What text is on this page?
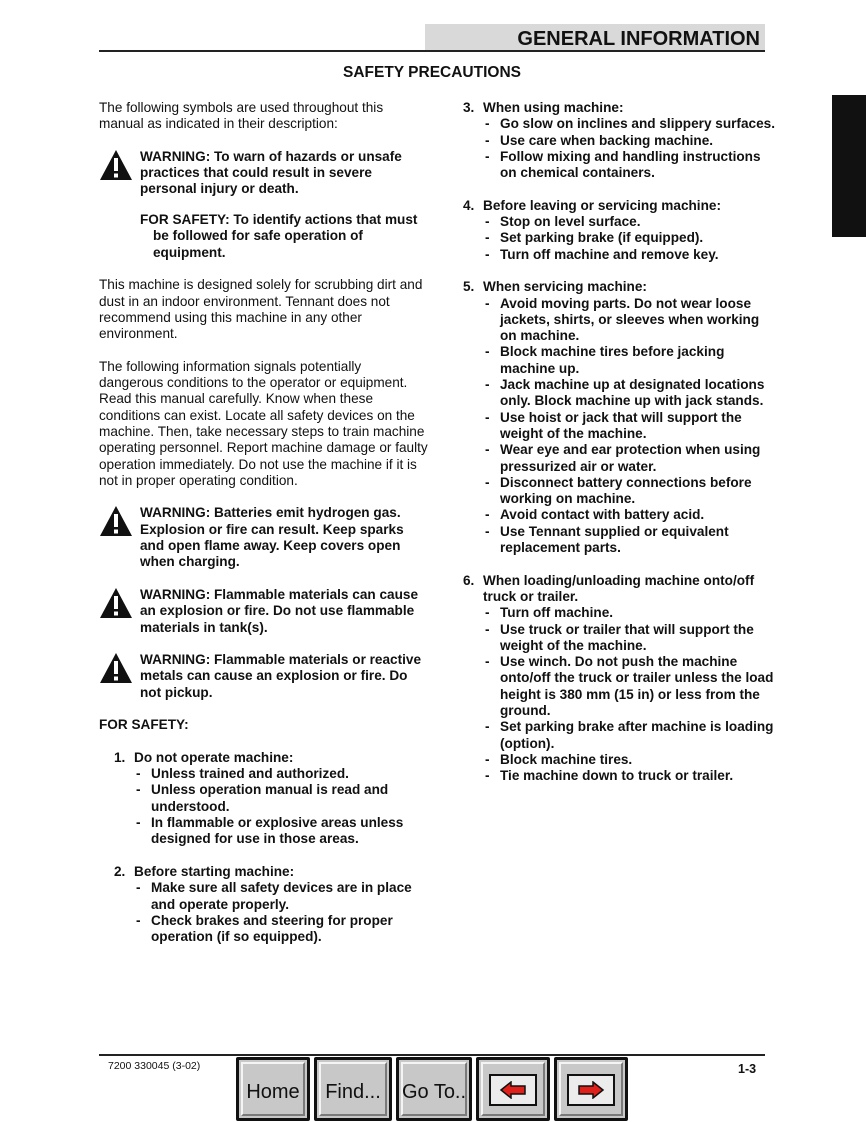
GENERAL INFORMATION
SAFETY PRECAUTIONS

The following symbols are used throughout this manual as indicated in their description:

WARNING: To warn of hazards or unsafe practices that could result in severe personal injury or death.
FOR SAFETY: To identify actions that must be followed for safe operation of equipment.

This machine is designed solely for scrubbing dirt and dust in an indoor environment. Tennant does not recommend using this machine in any other environment.

The following information signals potentially dangerous conditions to the operator or equipment. Read this manual carefully. Know when these conditions can exist. Locate all safety devices on the machine. Then, take necessary steps to train machine operating personnel. Report machine damage or faulty operation immediately. Do not use the machine if it is not in proper operating condition.

WARNING: Batteries emit hydrogen gas. Explosion or fire can result. Keep sparks and open flame away. Keep covers open when charging.
WARNING: Flammable materials can cause an explosion or fire. Do not use flammable materials in tank(s).
WARNING: Flammable materials or reactive metals can cause an explosion or fire. Do not pickup.
FOR SAFETY:
1. Do not operate machine:
- Unless trained and authorized.
- Unless operation manual is read and understood.
- In flammable or explosive areas unless designed for use in those areas.
2. Before starting machine:
- Make sure all safety devices are in place and operate properly.
- Check brakes and steering for proper operation (if so equipped).
3. When using machine:
- Go slow on inclines and slippery surfaces.
- Use care when backing machine.
- Follow mixing and handling instructions on chemical containers.
4. Before leaving or servicing machine:
- Stop on level surface.
- Set parking brake (if equipped).
- Turn off machine and remove key.
5. When servicing machine:
- Avoid moving parts. Do not wear loose jackets, shirts, or sleeves when working on machine.
- Block machine tires before jacking machine up.
- Jack machine up at designated locations only. Block machine up with jack stands.
- Use hoist or jack that will support the weight of the machine.
- Wear eye and ear protection when using pressurized air or water.
- Disconnect battery connections before working on machine.
- Avoid contact with battery acid.
- Use Tennant supplied or equivalent replacement parts.
6. When loading/unloading machine onto/off truck or trailer.
- Turn off machine.
- Use truck or trailer that will support the weight of the machine.
- Use winch. Do not push the machine onto/off the truck or trailer unless the load height is 380 mm (15 in) or less from the ground.
- Set parking brake after machine is loading (option).
- Block machine tires.
- Tie machine down to truck or trailer.
7200 330045 (3-02)	1-3
Home Find... Go To..
